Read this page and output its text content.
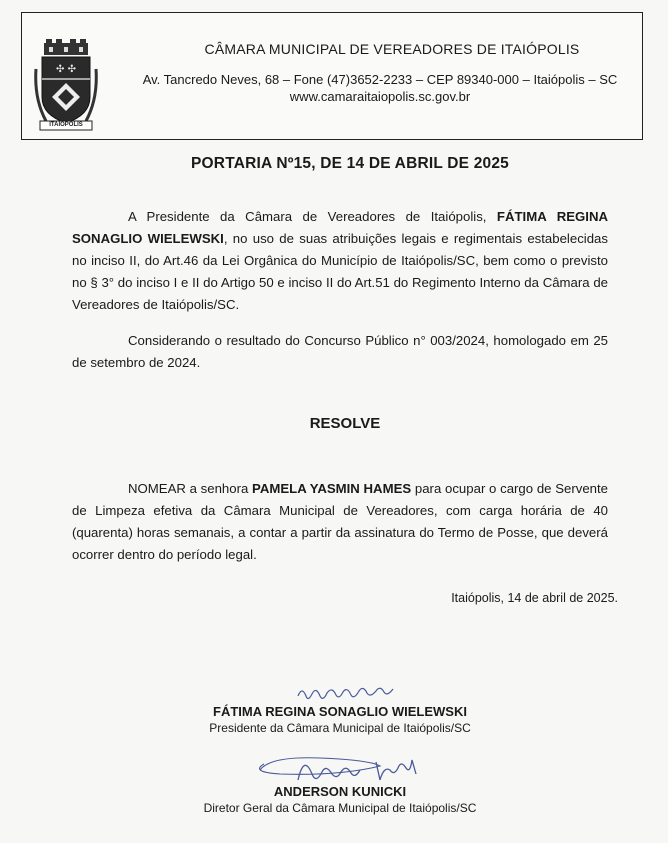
✣ ✣
ITAIÓPOLIS
CÂMARA MUNICIPAL DE VEREADORES DE ITAIÓPOLIS
Av. Tancredo Neves, 68 – Fone (47)3652-2233 – CEP 89340-000 – Itaiópolis – SC
www.camaraitaiopolis.sc.gov.br
PORTARIA Nº15, DE 14 DE ABRIL DE 2025

A Presidente da Câmara de Vereadores de Itaiópolis, FÁTIMA REGINA SONAGLIO WIELEWSKI, no uso de suas atribuições legais e regimentais estabelecidas no inciso II, do Art.46 da Lei Orgânica do Município de Itaiópolis/SC, bem como o previsto no § 3° do inciso I e II do Artigo 50 e inciso II do Art.51 do Regimento Interno da Câmara de Vereadores de Itaiópolis/SC.

Considerando o resultado do Concurso Público n° 003/2024, homologado em 25 de setembro de 2024.

RESOLVE

NOMEAR a senhora PAMELA YASMIN HAMES para ocupar o cargo de Servente de Limpeza efetiva da Câmara Municipal de Vereadores, com carga horária de 40 (quarenta) horas semanais, a contar a partir da assinatura do Termo de Posse, que deverá ocorrer dentro do período legal.

Itaiópolis, 14 de abril de 2025.
FÁTIMA REGINA SONAGLIO WIELEWSKI
Presidente da Câmara Municipal de Itaiópolis/SC
ANDERSON KUNICKI
Diretor Geral da Câmara Municipal de Itaiópolis/SC
